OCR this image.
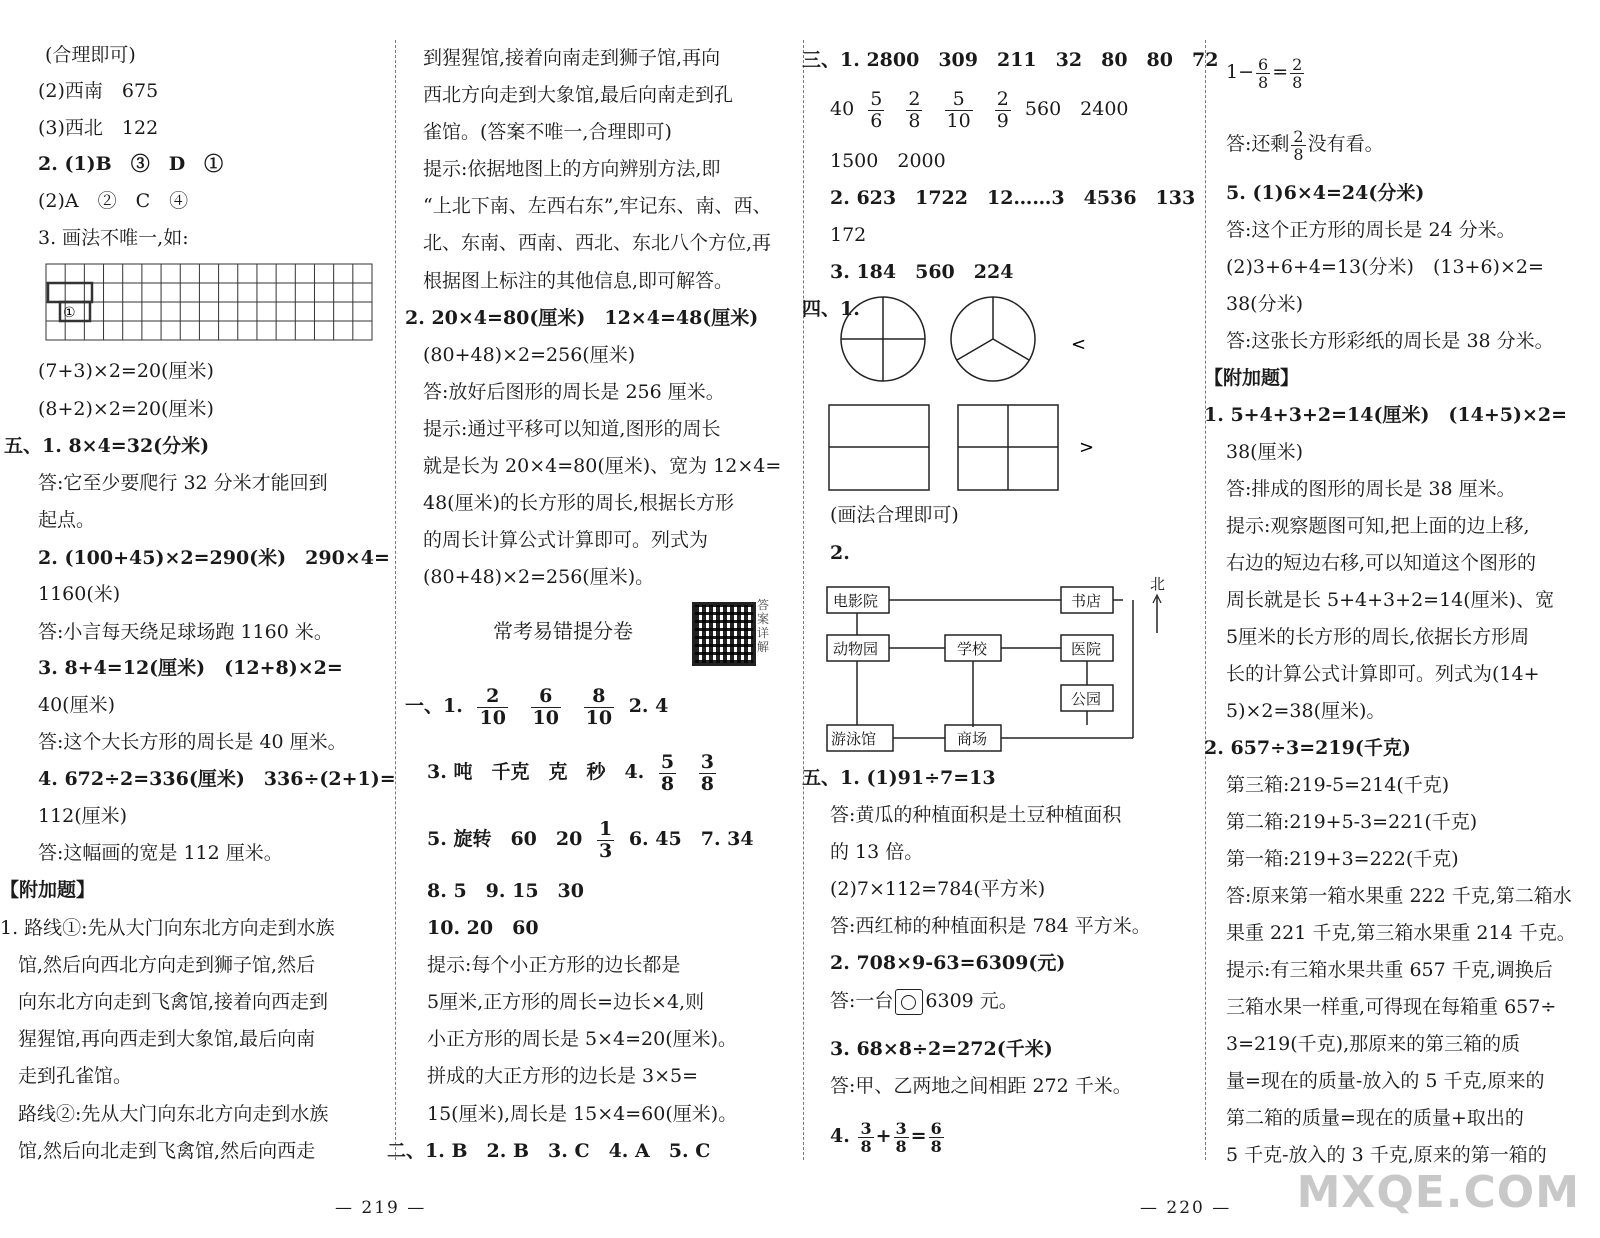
(合理即可)
(2)西南　675
(3)西北　122
2. (1)B　③　D　①
(2)A　②　C　④
3. 画法不唯一,如:
①
(7+3)×2=20(厘米)
(8+2)×2=20(厘米)
五、1. 8×4=32(分米)
答:它至少要爬行 32 分米才能回到
起点。
2. (100+45)×2=290(米)　290×4=
1160(米)
答:小言每天绕足球场跑 1160 米。
3. 8+4=12(厘米)　(12+8)×2=
40(厘米)
答:这个大长方形的周长是 40 厘米。
4. 672÷2=336(厘米)　336÷(2+1)=
112(厘米)
答:这幅画的宽是 112 厘米。
【附加题】
1. 路线①:先从大门向东北方向走到水族
馆,然后向西北方向走到狮子馆,然后
向东北方向走到飞禽馆,接着向西走到
猩猩馆,再向西走到大象馆,最后向南
走到孔雀馆。
路线②:先从大门向东北方向走到水族
馆,然后向北走到飞禽馆,然后向西走
到猩猩馆,接着向南走到狮子馆,再向
西北方向走到大象馆,最后向南走到孔
雀馆。(答案不唯一,合理即可)
提示:依据地图上的方向辨别方法,即
“上北下南、左西右东”,牢记东、南、西、
北、东南、西南、西北、东北八个方位,再
根据图上标注的其他信息,即可解答。
2. 20×4=80(厘米)　12×4=48(厘米)
(80+48)×2=256(厘米)
答:放好后图形的周长是 256 厘米。
提示:通过平移可以知道,图形的周长
就是长为 20×4=80(厘米)、宽为 12×4=
48(厘米)的长方形的周长,根据长方形
的周长计算公式计算即可。列式为
(80+48)×2=256(厘米)。
常考易错提分卷
答案详解
一、1. $\frac{2}{10}$
$\frac{6}{10}$
$\frac{8}{10} 2$. 4
3. 吨　千克　克　秒　4. $\frac{5}{8}$
$\frac{3}{8}$
5. 旋转　60　$20 \frac{1}{3} 6$. 45　7. 34
8. 5　9. 15　30
10. 20　60
提示:每个小正方形的边长都是
5厘米,正方形的周长=边长×4,则
小正方形的周长是 5×4=20(厘米)。
拼成的大正方形的边长是 3×5=
15(厘米),周长是 15×4=60(厘米)。
二、1. B　2. B　3. C　4. A　5. C
三、1. 2800　309　211　32　80　80　72
$40 \frac{5}{6}$
$\frac{2}{8}$
$\frac{5}{10}$
$\frac{2}{9} 560$　2400
1500　2000
2. 623　1722　12……3　4536　133
172
3. 184　560　224
四、1.
<
>
(画法合理即可)
2.
电影院	书店
动物园	学校	医院
公园
游泳馆	商场
北
五、1. (1)91÷7=13
答:黄瓜的种植面积是土豆种植面积
的 13 倍。
(2)7×112=784(平方米)
答:西红柿的种植面积是 784 平方米。
2. 708×9-63=6309(元)
答:一台 6309 元。
3. 68×8÷2=272(千米)
答:甲、乙两地之间相距 272 千米。
4. $\frac{3}{8} + \frac{3}{8} = \frac{6}{8}$
$1- \frac{6}{8} = \frac{2}{8}$
答:还剩 $\frac{2}{8}$ 没有看。
5. (1)6×4=24(分米)
答:这个正方形的周长是 24 分米。
(2)3+6+4=13(分米)　(13+6)×2=
38(分米)
答:这张长方形彩纸的周长是 38 分米。
【附加题】
1. 5+4+3+2=14(厘米)　(14+5)×2=
38(厘米)
答:排成的图形的周长是 38 厘米。
提示:观察题图可知,把上面的边上移,
右边的短边右移,可以知道这个图形的
周长就是长 5+4+3+2=14(厘米)、宽
5厘米的长方形的周长,依据长方形周
长的计算公式计算即可。列式为(14+
5)×2=38(厘米)。
2. 657÷3=219(千克)
第三箱:219-5=214(千克)
第二箱:219+5-3=221(千克)
第一箱:219+3=222(千克)
答:原来第一箱水果重 222 千克,第二箱水
果重 221 千克,第三箱水果重 214 千克。
提示:有三箱水果共重 657 千克,调换后
三箱水果一样重,可得现在每箱重 657÷
3=219(千克),那原来的第三箱的质
量=现在的质量-放入的 5 千克,原来的
第二箱的质量=现在的质量+取出的
5 千克-放入的 3 千克,原来的第一箱的
— 219 —	— 220 — MXQE.COM
